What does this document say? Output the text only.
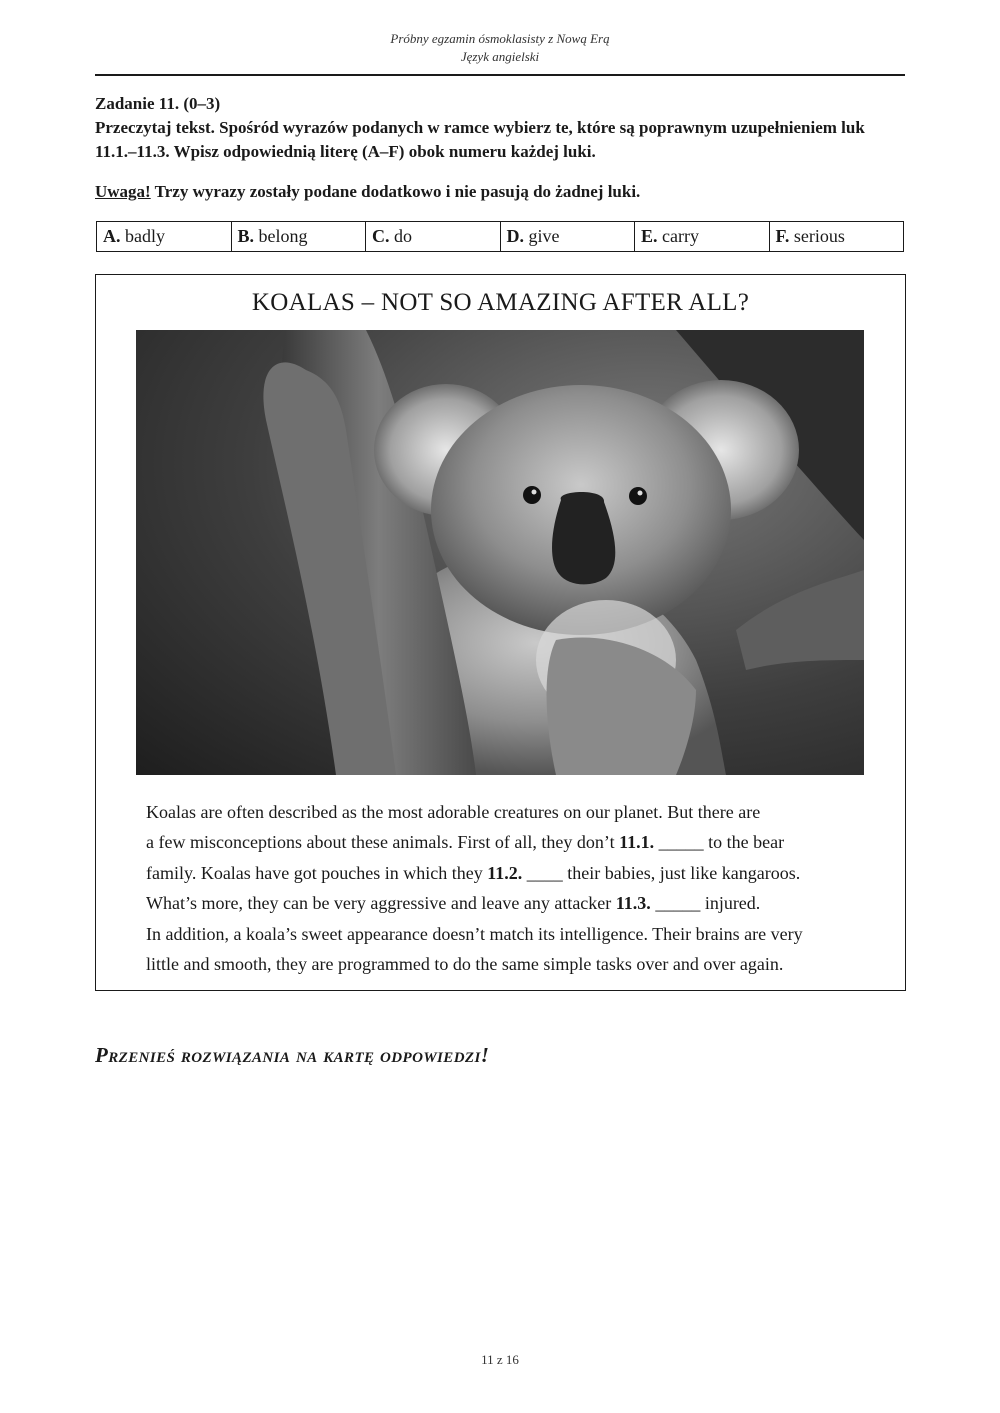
Próbny egzamin ósmoklasisty z Nową Erą
Język angielski
Zadanie 11. (0–3)
Przeczytaj tekst. Spośród wyrazów podanych w ramce wybierz te, które są poprawnym uzupełnieniem luk 11.1.–11.3. Wpisz odpowiednią literę (A–F) obok numeru każdej luki.
Uwaga! Trzy wyrazy zostały podane dodatkowo i nie pasują do żadnej luki.
A. badly	B. belong	C. do	D. give	E. carry	F. serious
KOALAS – NOT SO AMAZING AFTER ALL?
Koalas are often described as the most adorable creatures on our planet. But there are
a few misconceptions about these animals. First of all, they don’t 11.1. _____ to the bear
family. Koalas have got pouches in which they 11.2. ____ their babies, just like kangaroos.
What’s more, they can be very aggressive and leave any attacker 11.3. _____ injured.
In addition, a koala’s sweet appearance doesn’t match its intelligence. Their brains are very
little and smooth, they are programmed to do the same simple tasks over and over again.
Przenieś rozwiązania na kartę odpowiedzi!
11 z 16
